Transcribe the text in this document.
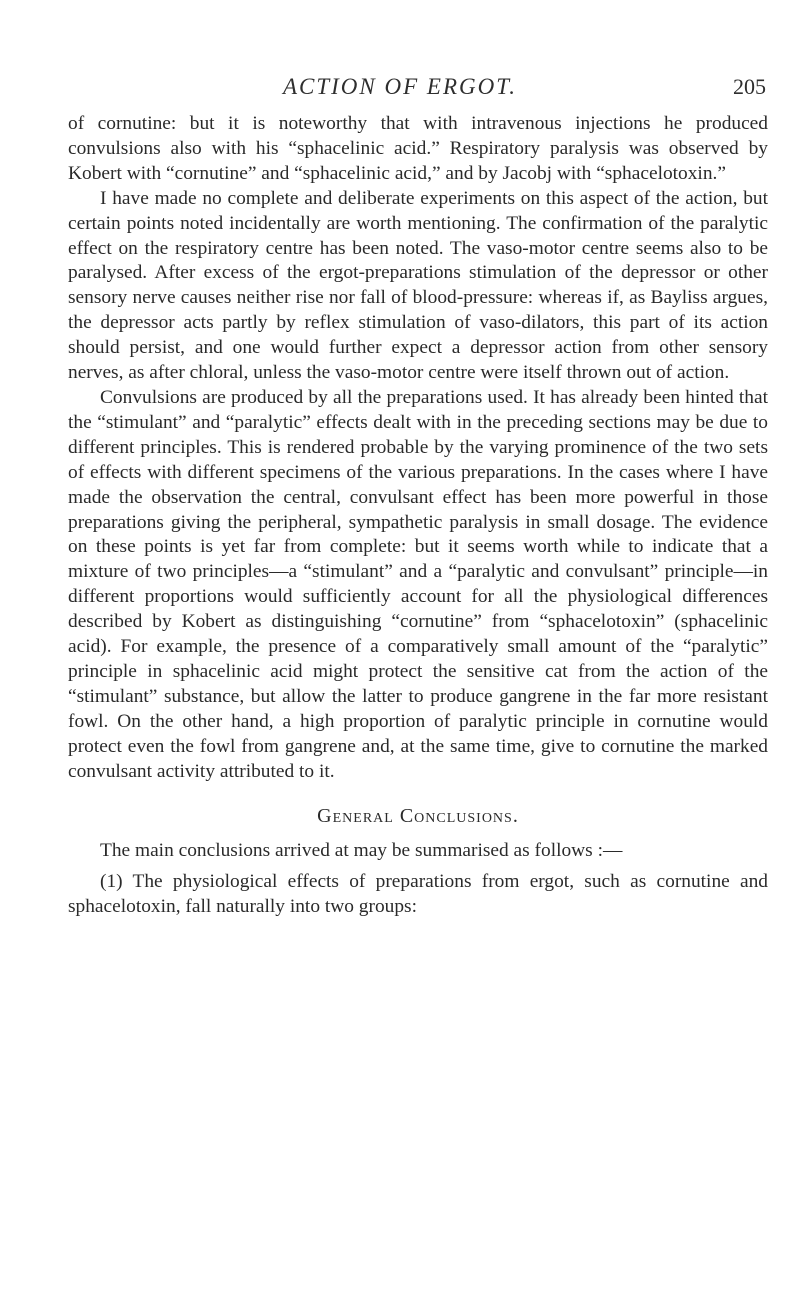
ACTION OF ERGOT.	205

of cornutine: but it is noteworthy that with intravenous injections he produced convulsions also with his “sphacelinic acid.” Respiratory paralysis was observed by Kobert with “cornutine” and “sphacelinic acid,” and by Jacobj with “sphacelotoxin.”

I have made no complete and deliberate experiments on this aspect of the action, but certain points noted incidentally are worth mentioning. The confirmation of the paralytic effect on the respiratory centre has been noted. The vaso-motor centre seems also to be paralysed. After excess of the ergot-preparations stimulation of the depressor or other sensory nerve causes neither rise nor fall of blood-pressure: whereas if, as Bayliss argues, the depressor acts partly by reflex stimulation of vaso-dilators, this part of its action should persist, and one would further expect a depressor action from other sensory nerves, as after chloral, unless the vaso-motor centre were itself thrown out of action.

Convulsions are produced by all the preparations used. It has already been hinted that the “stimulant” and “paralytic” effects dealt with in the preceding sections may be due to different principles. This is rendered probable by the varying prominence of the two sets of effects with different specimens of the various preparations. In the cases where I have made the observation the central, convulsant effect has been more powerful in those preparations giving the peripheral, sympathetic paralysis in small dosage. The evidence on these points is yet far from complete: but it seems worth while to indicate that a mixture of two principles—a “stimulant” and a “paralytic and convulsant” principle—in different proportions would sufficiently account for all the physiological differences described by Kobert as distinguishing “cornutine” from “sphacelotoxin” (sphacelinic acid). For example, the presence of a comparatively small amount of the “paralytic” principle in sphacelinic acid might protect the sensitive cat from the action of the “stimulant” substance, but allow the latter to produce gangrene in the far more resistant fowl. On the other hand, a high proportion of paralytic principle in cornutine would protect even the fowl from gangrene and, at the same time, give to cornutine the marked convulsant activity attributed to it.

General Conclusions.

The main conclusions arrived at may be summarised as follows :—

(1) The physiological effects of preparations from ergot, such as cornutine and sphacelotoxin, fall naturally into two groups:
